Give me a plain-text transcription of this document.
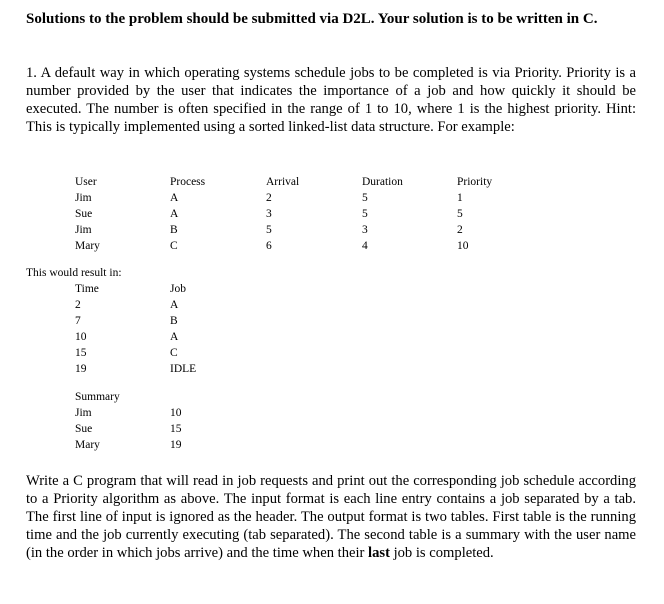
Solutions to the problem should be submitted via D2L. Your solution is to be written in C.
1. A default way in which operating systems schedule jobs to be completed is via Priority. Priority is a number provided by the user that indicates the importance of a job and how quickly it should be executed. The number is often specified in the range of 1 to 10, where 1 is the highest priority. Hint: This is typically implemented using a sorted linked-list data structure. For example:
User
Jim
Sue
Jim
Mary
Process
A
A
B
C
Arrival
2
3
5
6
Duration
5
5
3
4
Priority
1
5
2
10
This would result in:
Time
2
7
10
15
19
Job
A
B
A
C
IDLE
Summary
Jim
Sue
Mary
10
15
19
Write a C program that will read in job requests and print out the corresponding job schedule according to a Priority algorithm as above. The input format is each line entry contains a job separated by a tab. The first line of input is ignored as the header. The output format is two tables. First table is the running time and the job currently executing (tab separated). The second table is a summary with the user name (in the order in which jobs arrive) and the time when their last job is completed.
